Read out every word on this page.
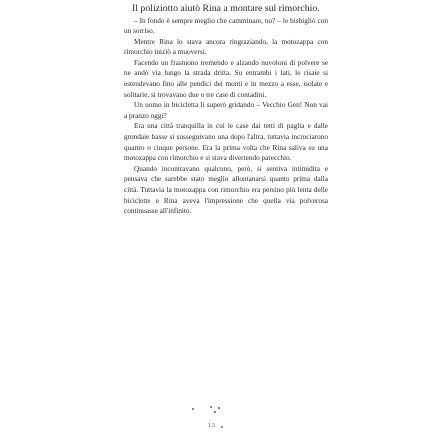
Il poliziotto aiutò Rina a montare sul rimorchio.

– In fondo è sempre meglio che camminare, no? – le bisbigliò con un sorriso.

Mentre Rina lo stava ancora ringraziando, la motozappa con rimorchio iniziò a muoversi.

Facendo un frastuono tremendo e alzando nuvoloni di polvere se ne andò via lungo la strada dritta. Su entrambi i lati, le risaie si estendevano fino alle pendici dei monti e in mezzo a esse, isolate e solitarie, si trovavano due o tre case di contadini.

Un uomo in bicicletta li superò gridando – Vecchio Gen! Non vai a pranzo oggi?

Era una città tranquilla in cui le case dai tetti di paglia e dalle grondaie basse si susseguivano una dopo l'altra, tuttavia incrociarono quattro o cinque persone. Era la prima volta che Rina saliva su una motozappa con rimorchio e si stava divertendo parecchio.

Quando incontravano qualcuno, però, si sentiva intimidita e pensava che sarebbe stato meglio allontanarsi quanto prima dalla città. Tuttavia la motozappa con rimorchio era persino più lenta delle biciclette e Rina aveva l'impressione che quella via polverosa continuasse all'infinito.

13
